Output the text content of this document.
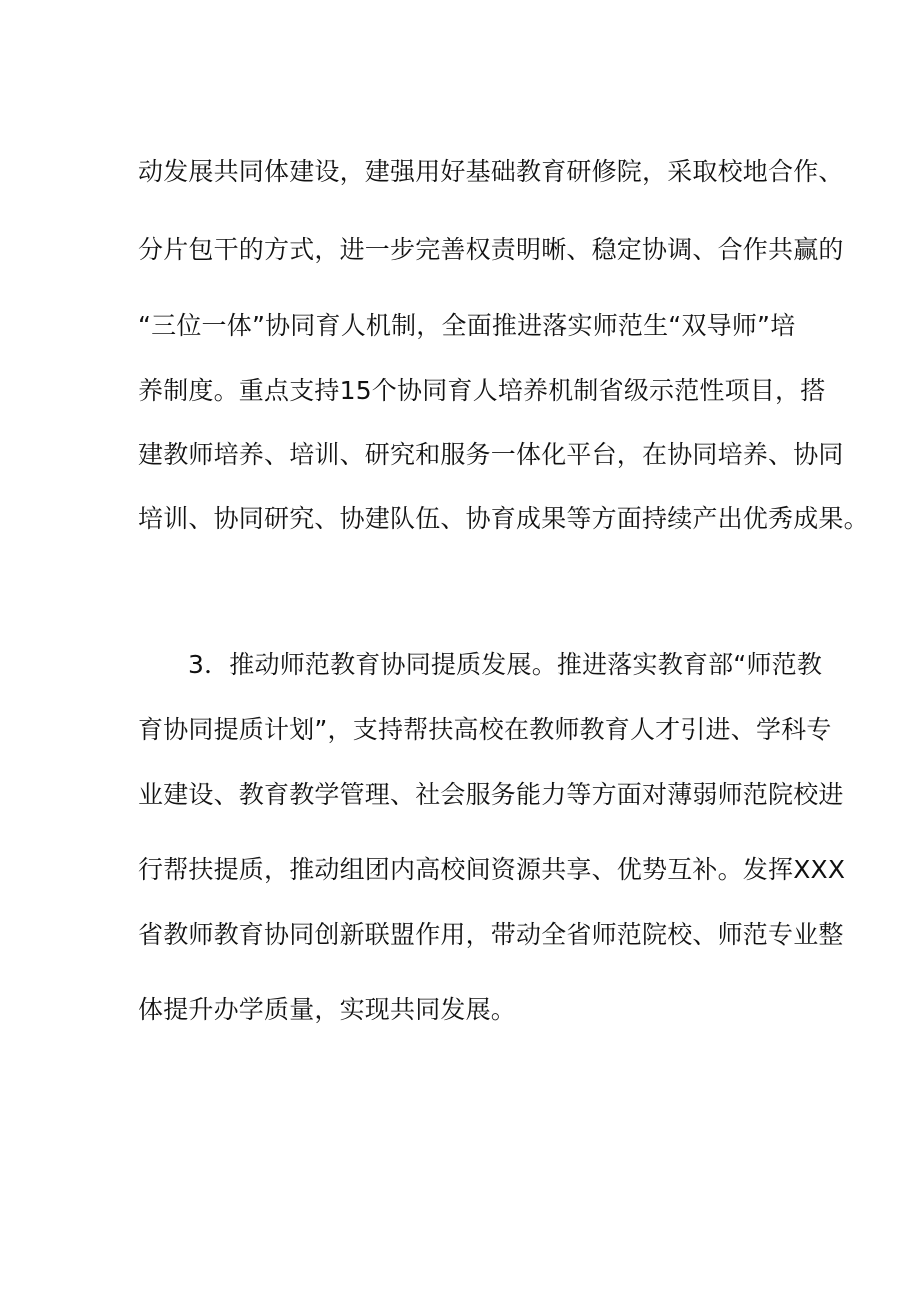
动发展共同体建设，建强用好基础教育研修院，采取校地合作、
分片包干的方式，进一步完善权责明晰、稳定协调、合作共赢的
“三位一体”协同育人机制，全面推进落实师范生“双导师”培
养制度。重点支持15个协同育人培养机制省级示范性项目，搭
建教师培养、培训、研究和服务一体化平台，在协同培养、协同
培训、协同研究、协建队伍、协育成果等方面持续产出优秀成果。
3．推动师范教育协同提质发展。推进落实教育部“师范教
育协同提质计划”，支持帮扶高校在教师教育人才引进、学科专
业建设、教育教学管理、社会服务能力等方面对薄弱师范院校进
行帮扶提质，推动组团内高校间资源共享、优势互补。发挥XXX
省教师教育协同创新联盟作用，带动全省师范院校、师范专业整
体提升办学质量，实现共同发展。
